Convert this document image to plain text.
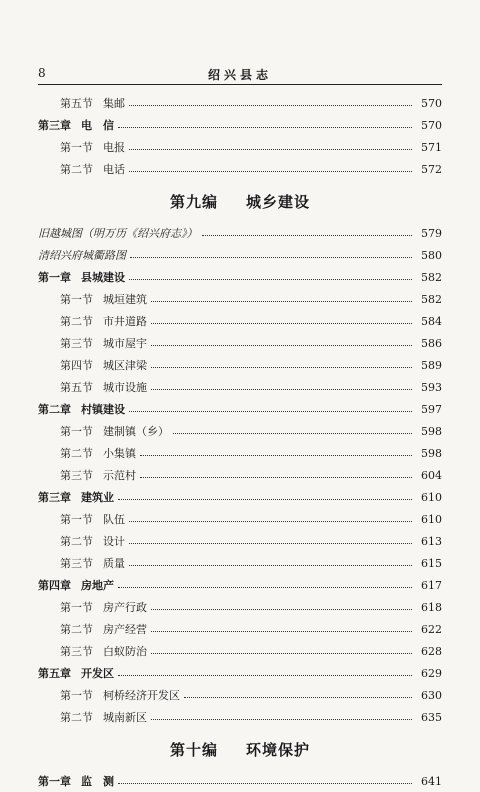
8	绍兴县志
第五节 集邮	570
第三章 电　信	570
第一节 电报	571
第二节 电话	572
第九编 城乡建设
旧越城图（明万历《绍兴府志》）	579
清绍兴府城衢路图	580
第一章 县城建设	582
第一节 城垣建筑	582
第二节 市井道路	584
第三节 城市屋宇	586
第四节 城区津梁	589
第五节 城市设施	593
第二章 村镇建设	597
第一节 建制镇（乡）	598
第二节 小集镇	598
第三节 示范村	604
第三章 建筑业	610
第一节 队伍	610
第二节 设计	613
第三节 质量	615
第四章 房地产	617
第一节 房产行政	618
第二节 房产经营	622
第三节 白蚁防治	628
第五章 开发区	629
第一节 柯桥经济开发区	630
第二节 城南新区	635
第十编 环境保护
第一章 监　测	641
